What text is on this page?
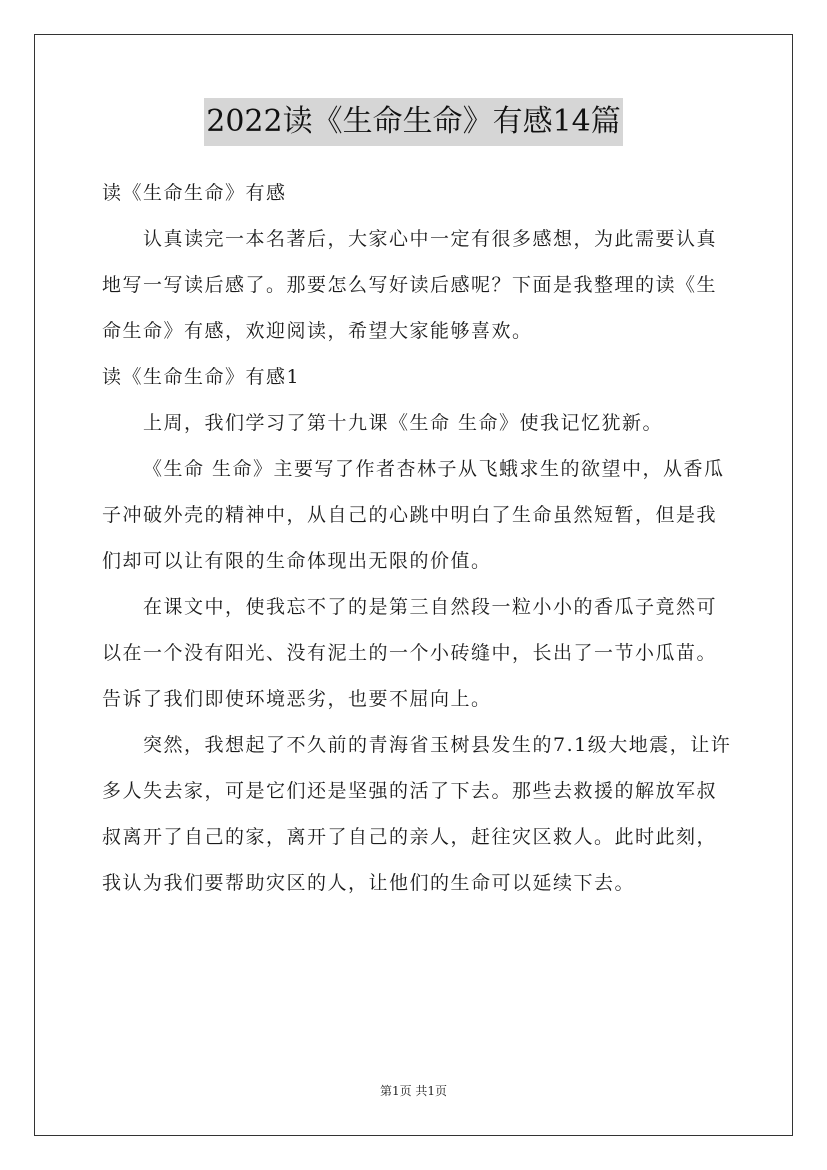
2022读《生命生命》有感14篇

读《生命生命》有感

认真读完一本名著后，大家心中一定有很多感想，为此需要认真地写一写读后感了。那要怎么写好读后感呢？下面是我整理的读《生命生命》有感，欢迎阅读，希望大家能够喜欢。

读《生命生命》有感1

上周，我们学习了第十九课《生命 生命》使我记忆犹新。

《生命 生命》主要写了作者杏林子从飞蛾求生的欲望中，从香瓜子冲破外壳的精神中，从自己的心跳中明白了生命虽然短暂，但是我们却可以让有限的生命体现出无限的价值。

在课文中，使我忘不了的是第三自然段一粒小小的香瓜子竟然可以在一个没有阳光、没有泥土的一个小砖缝中，长出了一节小瓜苗。

告诉了我们即使环境恶劣，也要不屈向上。

突然，我想起了不久前的青海省玉树县发生的7.1级大地震，让许多人失去家，可是它们还是坚强的活了下去。那些去救援的解放军叔叔离开了自己的家，离开了自己的亲人，赶往灾区救人。此时此刻，我认为我们要帮助灾区的人，让他们的生命可以延续下去。

第1页 共1页
